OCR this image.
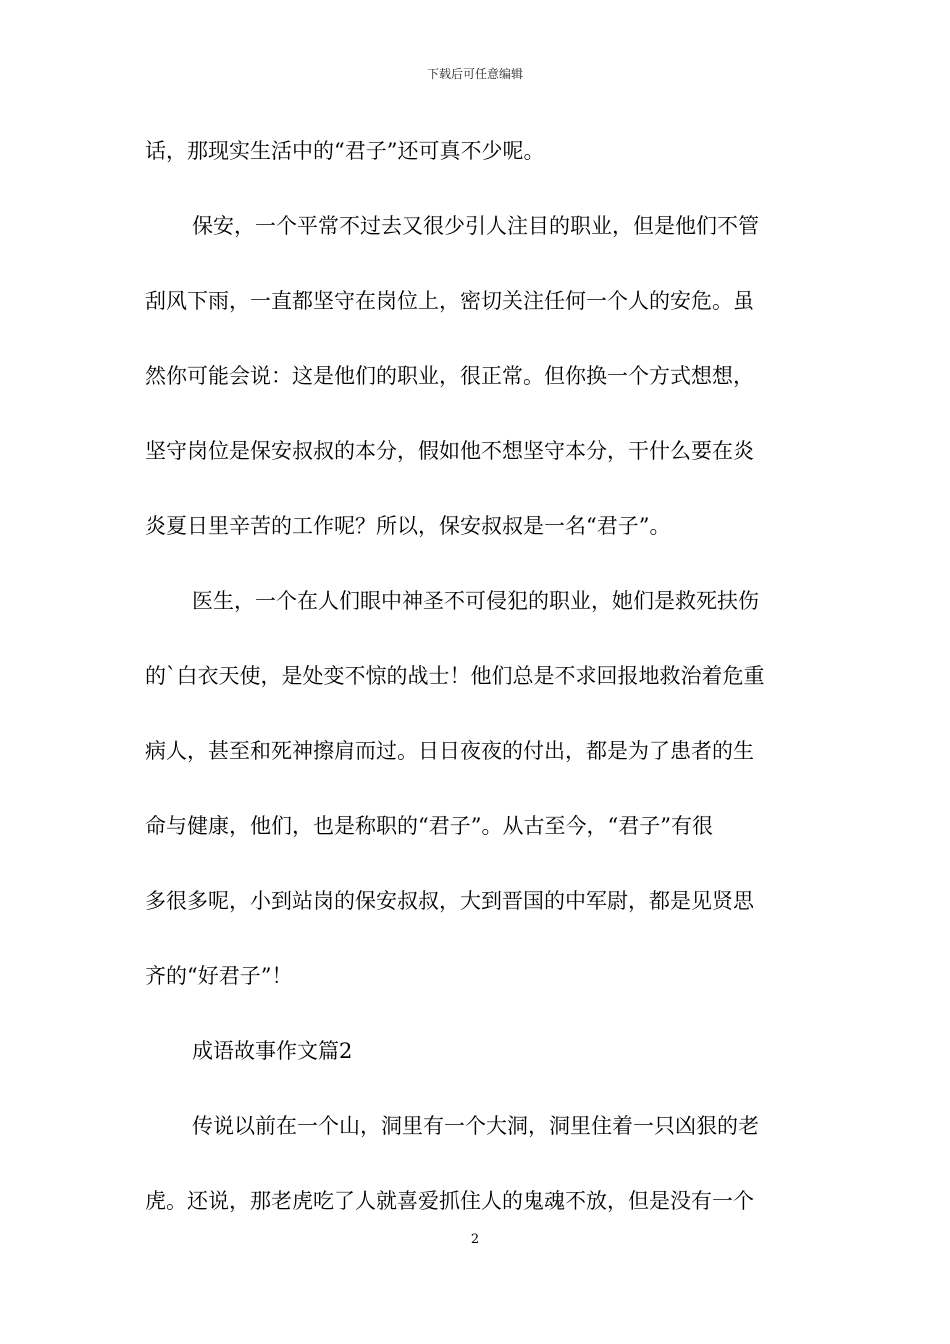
下载后可任意编辑
话，那现实生活中的“君子”还可真不少呢。
保安，一个平常不过去又很少引人注目的职业，但是他们不管
刮风下雨，一直都坚守在岗位上，密切关注任何一个人的安危。虽
然你可能会说：这是他们的职业，很正常。但你换一个方式想想，
坚守岗位是保安叔叔的本分，假如他不想坚守本分，干什么要在炎
炎夏日里辛苦的工作呢？所以，保安叔叔是一名“君子”。
医生，一个在人们眼中神圣不可侵犯的职业，她们是救死扶伤
的`白衣天使，是处变不惊的战士！他们总是不求回报地救治着危重
病人，甚至和死神擦肩而过。日日夜夜的付出，都是为了患者的生
命与健康，他们，也是称职的“君子”。从古至今，“君子”有很
多很多呢，小到站岗的保安叔叔，大到晋国的中军尉，都是见贤思
齐的“好君子”！
成语故事作文篇2
传说以前在一个山，洞里有一个大洞，洞里住着一只凶狠的老
虎。还说，那老虎吃了人就喜爱抓住人的鬼魂不放，但是没有一个
2
